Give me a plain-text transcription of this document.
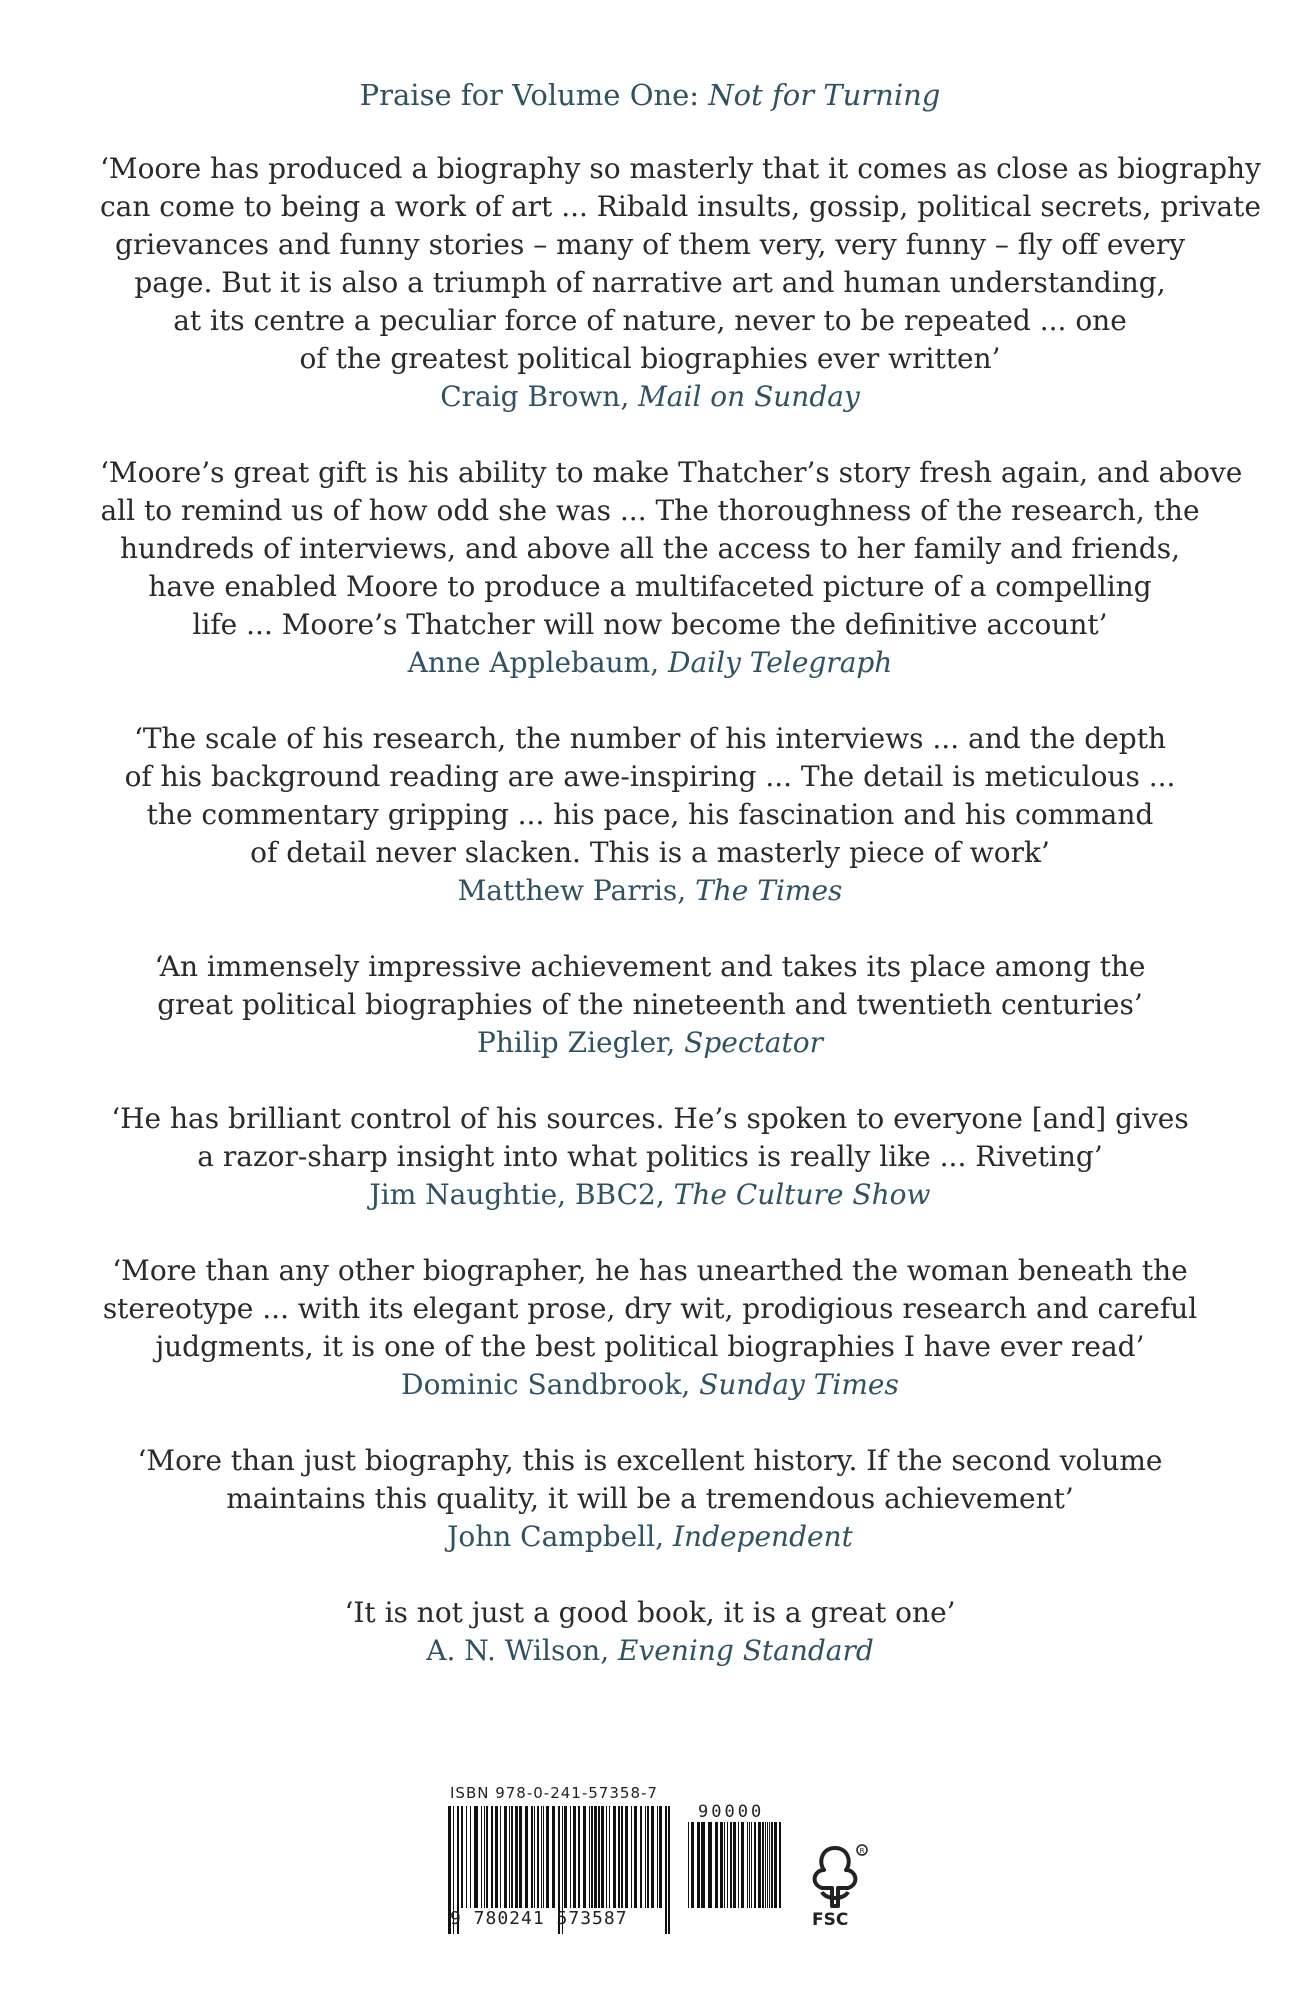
Praise for Volume One: Not for Turning
‘Moore has produced a biography so masterly that it comes as close as biography
can come to being a work of art ... Ribald insults, gossip, political secrets, private
grievances and funny stories – many of them very, very funny – fly off every
page. But it is also a triumph of narrative art and human understanding,
at its centre a peculiar force of nature, never to be repeated ... one
of the greatest political biographies ever written’
Craig Brown, Mail on Sunday
‘Moore’s great gift is his ability to make Thatcher’s story fresh again, and above
all to remind us of how odd she was ... The thoroughness of the research, the
hundreds of interviews, and above all the access to her family and friends,
have enabled Moore to produce a multifaceted picture of a compelling
life ... Moore’s Thatcher will now become the definitive account’
Anne Applebaum, Daily Telegraph
‘The scale of his research, the number of his interviews ... and the depth
of his background reading are awe-inspiring ... The detail is meticulous ...
the commentary gripping ... his pace, his fascination and his command
of detail never slacken. This is a masterly piece of work’
Matthew Parris, The Times
‘An immensely impressive achievement and takes its place among the
great political biographies of the nineteenth and twentieth centuries’
Philip Ziegler, Spectator
‘He has brilliant control of his sources. He’s spoken to everyone [and] gives
a razor-sharp insight into what politics is really like ... Riveting’
Jim Naughtie, BBC2, The Culture Show
‘More than any other biographer, he has unearthed the woman beneath the
stereotype ... with its elegant prose, dry wit, prodigious research and careful
judgments, it is one of the best political biographies I have ever read’
Dominic Sandbrook, Sunday Times
‘More than just biography, this is excellent history. If the second volume
maintains this quality, it will be a tremendous achievement’
John Campbell, Independent
‘It is not just a good book, it is a great one’
A. N. Wilson, Evening Standard
ISBN 978-0-241-57358-7
90000
9 780241 573587
R
FSC
